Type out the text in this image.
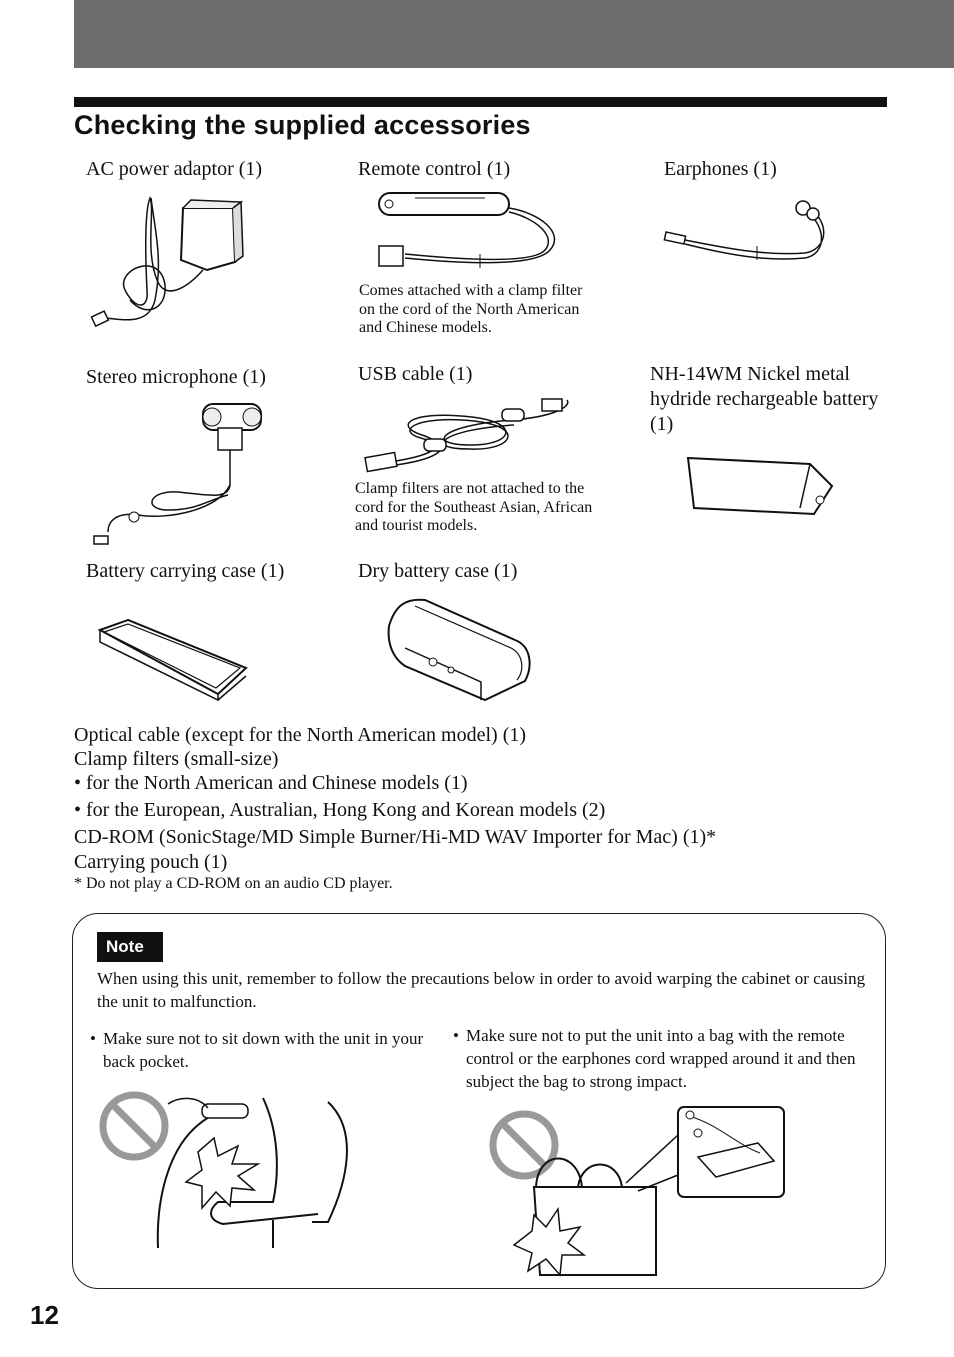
Checking the supplied accessories
AC power adaptor (1)	Remote control (1)
Comes attached with a clamp filter on the cord of the North American and Chinese models.
Earphones (1)
Stereo microphone (1)	USB cable (1)
Clamp filters are not attached to the cord for the Southeast Asian, African and tourist models.
NH-14WM Nickel metal hydride rechargeable battery (1)
Battery carrying case (1)	Dry battery case (1)
Optical cable (except for the North American model) (1)
Clamp filters (small-size)
• for the North American and Chinese models (1)
• for the European, Australian, Hong Kong and Korean models (2)
CD-ROM (SonicStage/MD Simple Burner/Hi-MD WAV Importer for Mac) (1)*
Carrying pouch (1)
* Do not play a CD-ROM on an audio CD player.
Note
When using this unit, remember to follow the precautions below in order to avoid warping the cabinet or causing the unit to malfunction.
• Make sure not to sit down with the unit in your back pocket.
• Make sure not to put the unit into a bag with the remote control or the earphones cord wrapped around it and then subject the bag to strong impact.
12
